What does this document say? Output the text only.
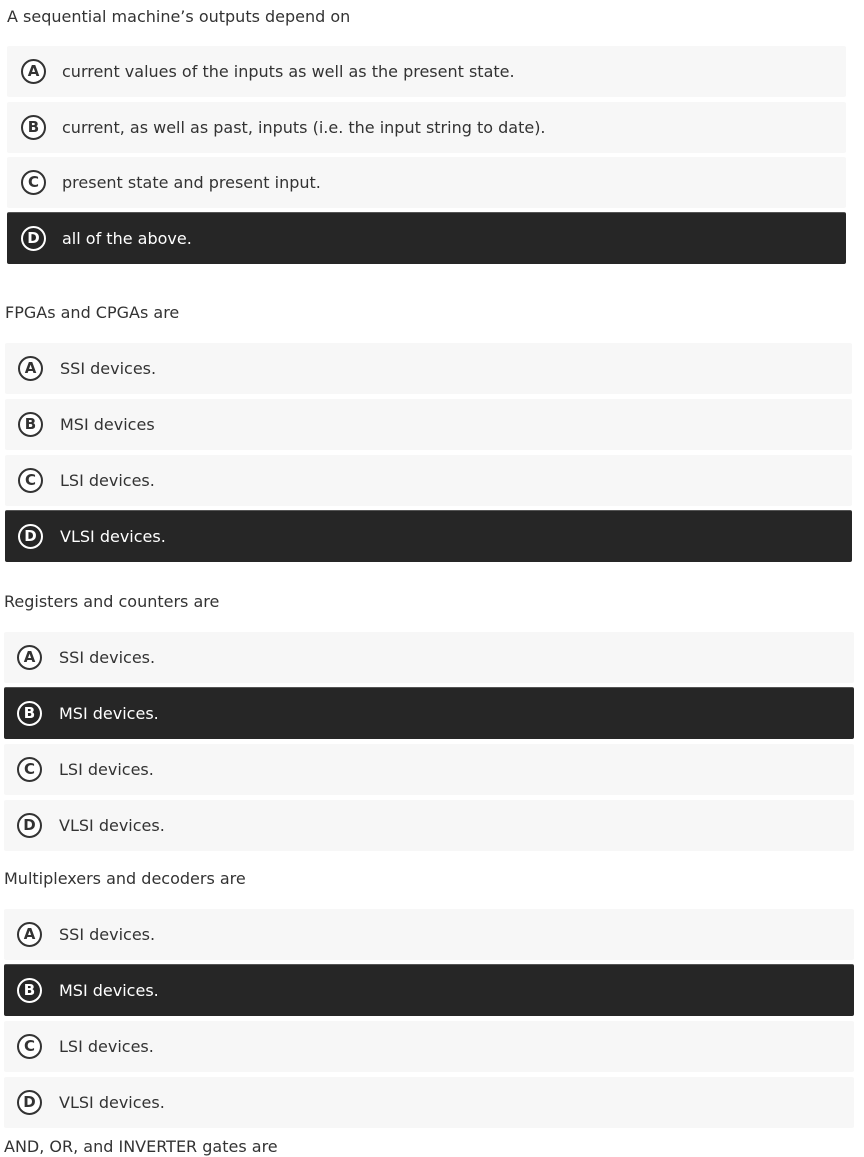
A sequential machine’s outputs depend on
A	current values of the inputs as well as the present state.
B	current, as well as past, inputs (i.e. the input string to date).
C	present state and present input.
D	all of the above.
FPGAs and CPGAs are
A	SSI devices.
B	MSI devices
C	LSI devices.
D	VLSI devices.
Registers and counters are
A	SSI devices.
B	MSI devices.
C	LSI devices.
D	VLSI devices.
Multiplexers and decoders are
A	SSI devices.
B	MSI devices.
C	LSI devices.
D	VLSI devices.
AND, OR, and INVERTER gates are
